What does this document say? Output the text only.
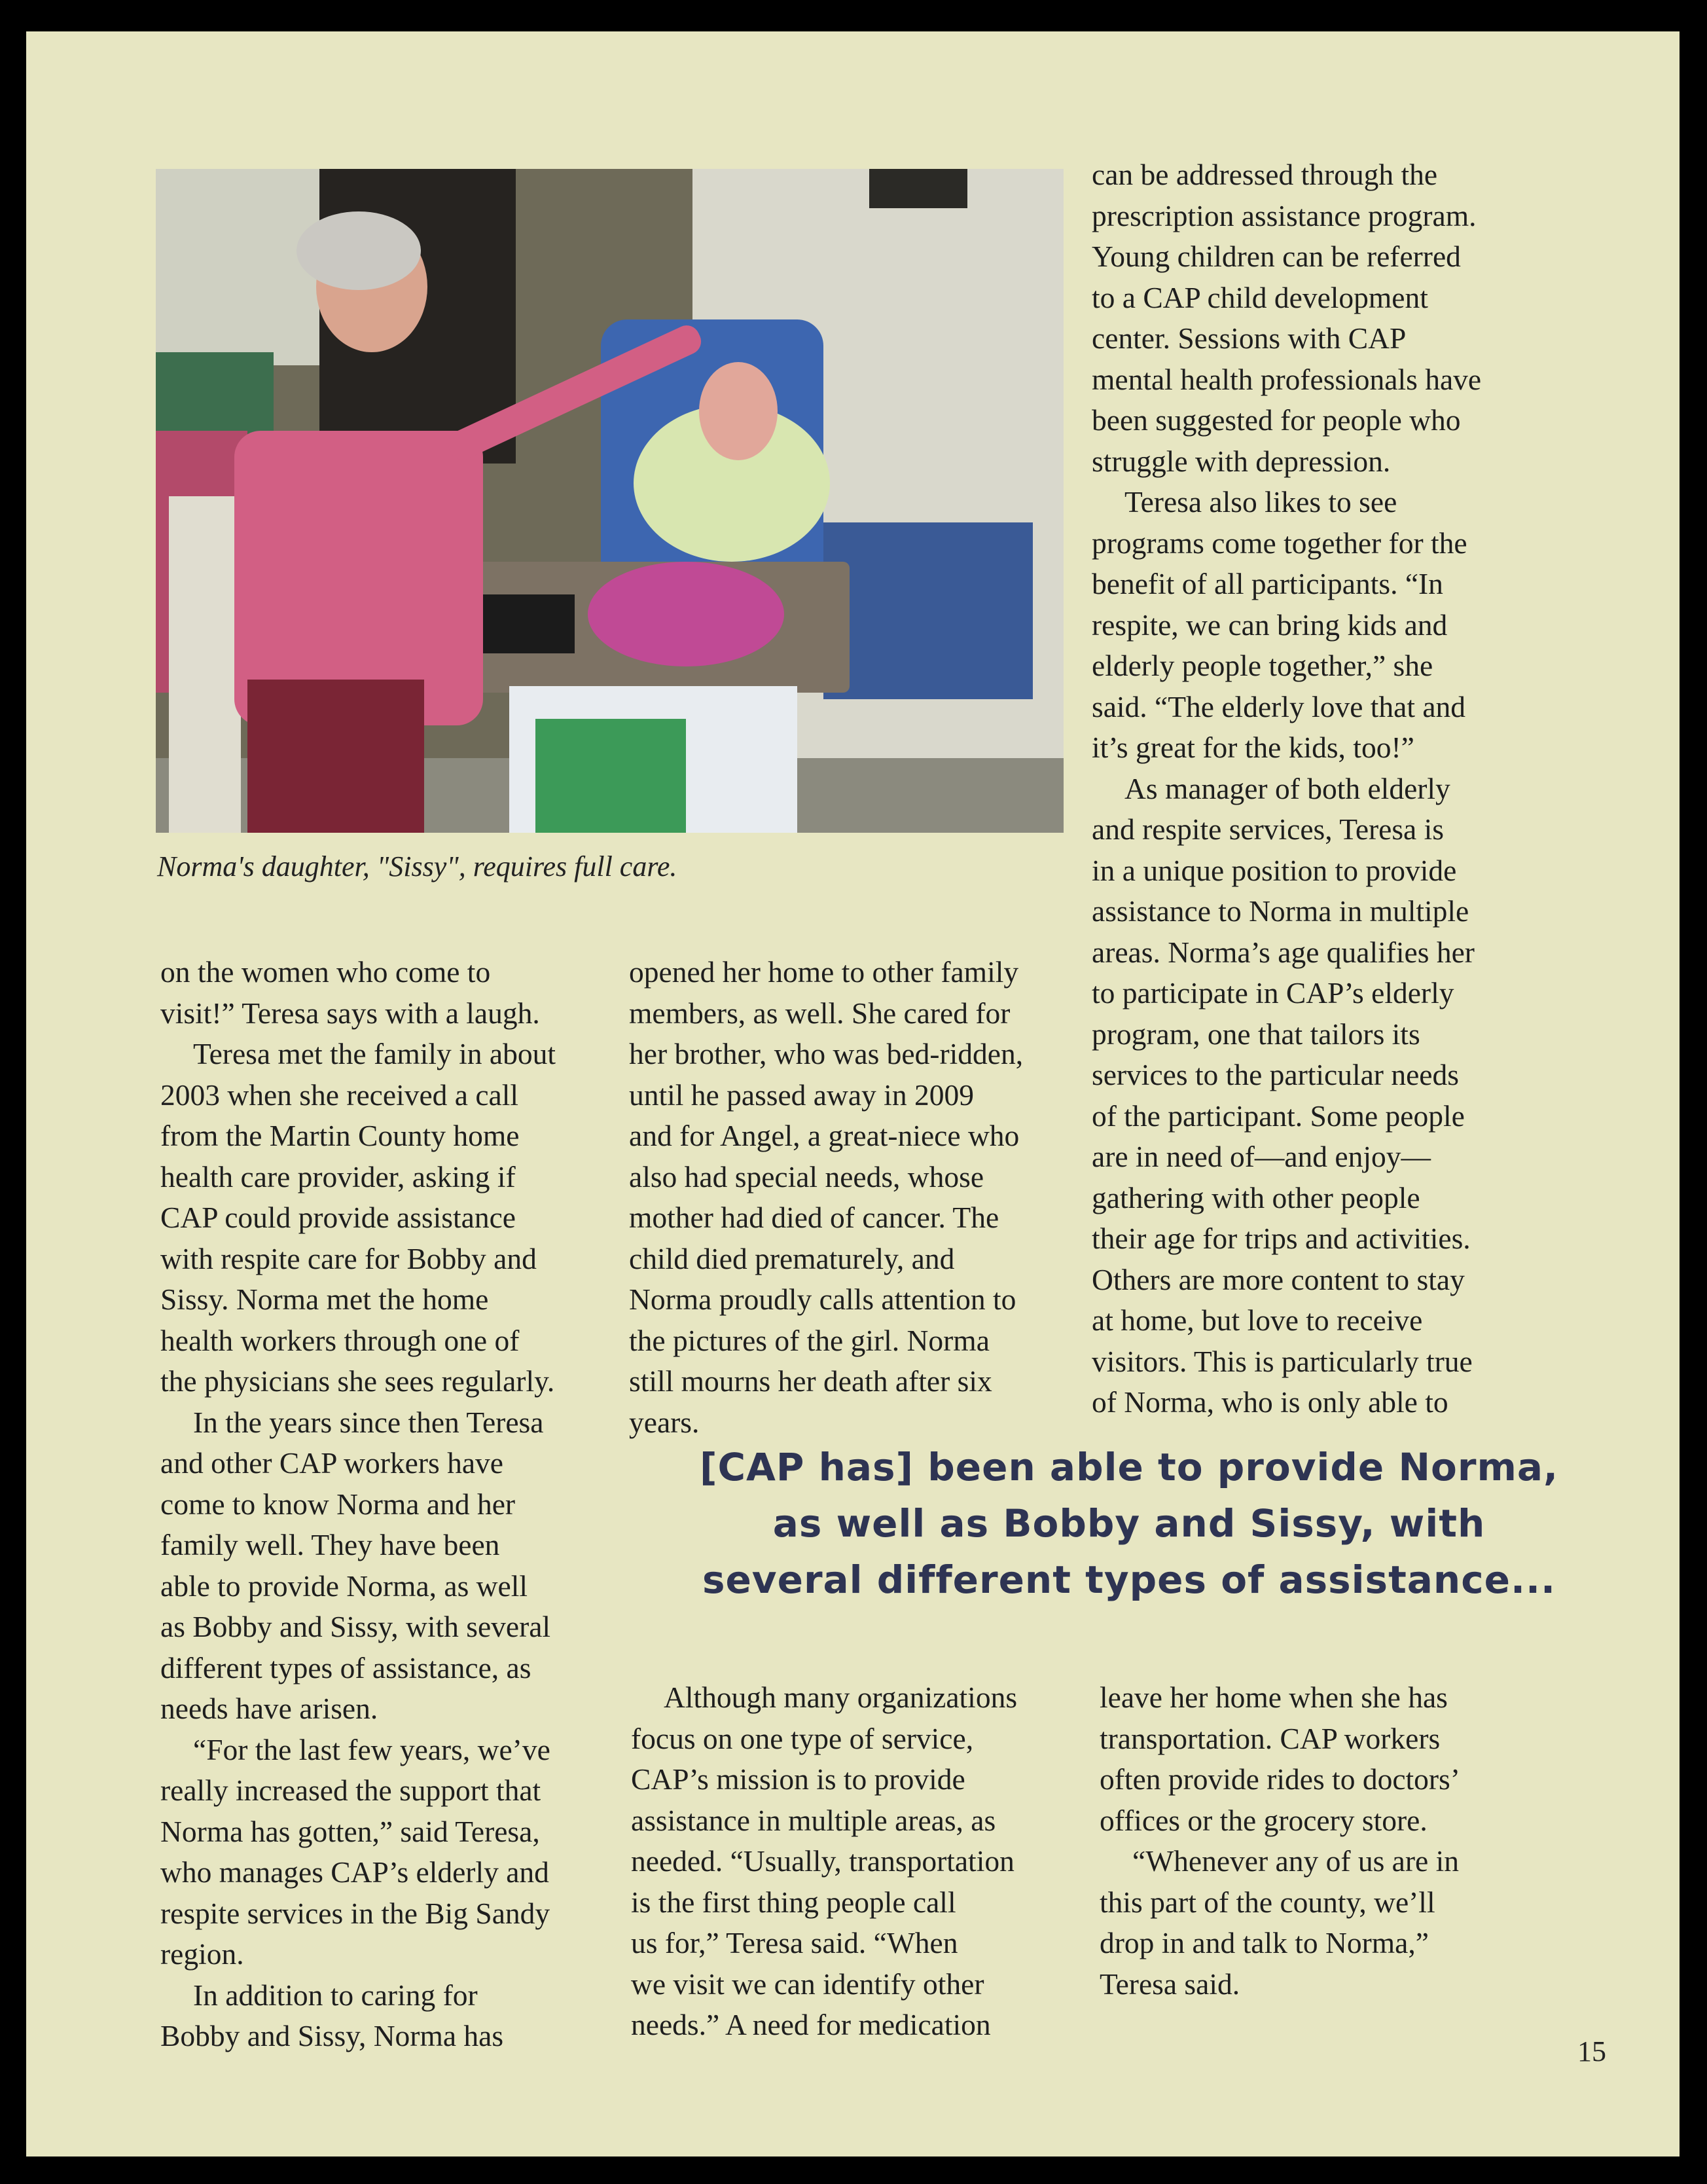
Norma's daughter, "Sissy", requires full care.

can be addressed through the

prescription assistance program.

Young children can be referred

to a CAP child development

center. Sessions with CAP

mental health professionals have

been suggested for people who

struggle with depression.

Teresa also likes to see

programs come together for the

benefit of all participants. “In

respite, we can bring kids and

elderly people together,” she

said. “The elderly love that and

it’s great for the kids, too!”

As manager of both elderly

and respite services, Teresa is

in a unique position to provide

assistance to Norma in multiple

areas. Norma’s age qualifies her

to participate in CAP’s elderly

program, one that tailors its

services to the particular needs

of the participant. Some people

are in need of—and enjoy—

gathering with other people

their age for trips and activities.

Others are more content to stay

at home, but love to receive

visitors. This is particularly true

of Norma, who is only able to

on the women who come to

visit!” Teresa says with a laugh.

Teresa met the family in about

2003 when she received a call

from the Martin County home

health care provider, asking if

CAP could provide assistance

with respite care for Bobby and

Sissy. Norma met the home

health workers through one of

the physicians she sees regularly.

In the years since then Teresa

and other CAP workers have

come to know Norma and her

family well. They have been

able to provide Norma, as well

as Bobby and Sissy, with several

different types of assistance, as

needs have arisen.

“For the last few years, we’ve

really increased the support that

Norma has gotten,” said Teresa,

who manages CAP’s elderly and

respite services in the Big Sandy

region.

In addition to caring for

Bobby and Sissy, Norma has

opened her home to other family

members, as well. She cared for

her brother, who was bed-ridden,

until he passed away in 2009

and for Angel, a great-niece who

also had special needs, whose

mother had died of cancer. The

child died prematurely, and

Norma proudly calls attention to

the pictures of the girl. Norma

still mourns her death after six

years.

[CAP has] been able to provide Norma,
as well as Bobby and Sissy, with
several different types of assistance...

Although many organizations

focus on one type of service,

CAP’s mission is to provide

assistance in multiple areas, as

needed. “Usually, transportation

is the first thing people call

us for,” Teresa said. “When

we visit we can identify other

needs.” A need for medication

leave her home when she has

transportation. CAP workers

often provide rides to doctors’

offices or the grocery store.

“Whenever any of us are in

this part of the county, we’ll

drop in and talk to Norma,”

Teresa said.

15
